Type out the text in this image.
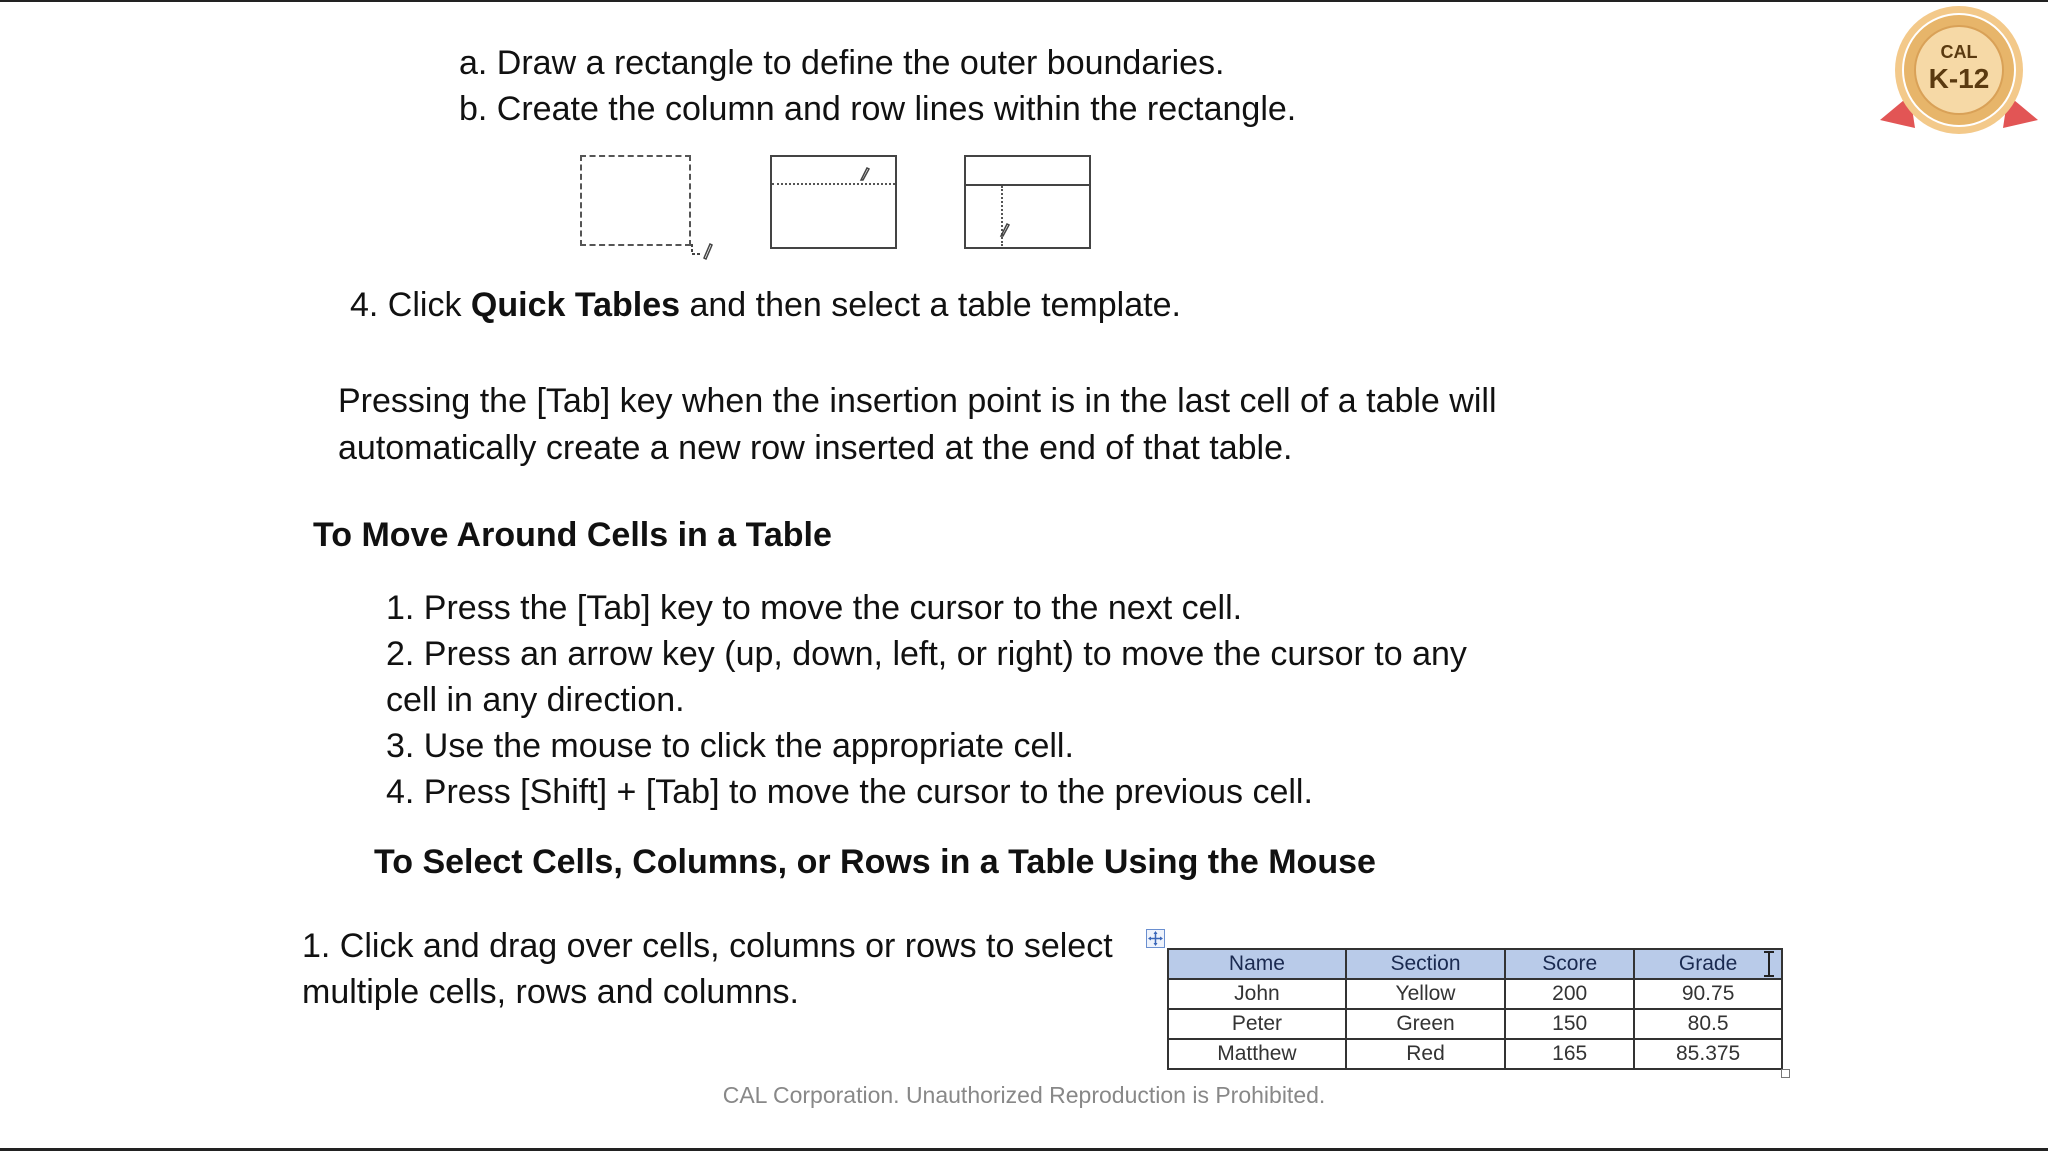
a. Draw a rectangle to define the outer boundaries.
b. Create the column and row lines within the rectangle.
4. Click Quick Tables and then select a table template.
Pressing the [Tab] key when the insertion point is in the last cell of a table will
automatically create a new row inserted at the end of that table.
To Move Around Cells in a Table
1. Press the [Tab] key to move the cursor to the next cell.
2. Press an arrow key (up, down, left, or right) to move the cursor to any
cell in any direction.
3. Use the mouse to click the appropriate cell.
4. Press [Shift] + [Tab] to move the cursor to the previous cell.
To Select Cells, Columns, or Rows in a Table Using the Mouse
1. Click and drag over cells, columns or rows to select
multiple cells, rows and columns.
Name	Section	Score	Grade
John	Yellow	200	90.75
Peter	Green	150	80.5
Matthew	Red	165	85.375
CAL Corporation. Unauthorized Reproduction is Prohibited.
CAL
K-12
